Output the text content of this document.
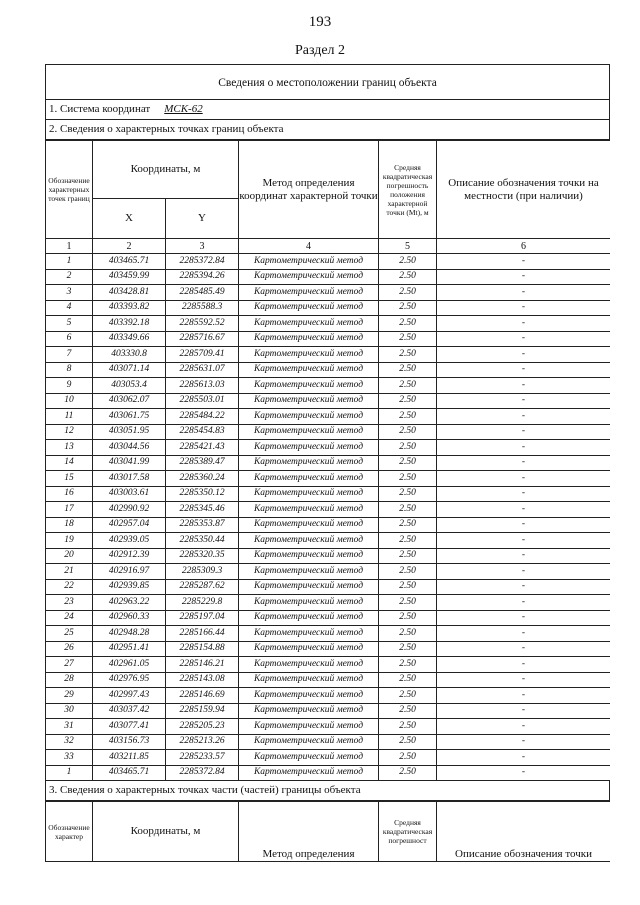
193
Раздел 2
Сведения о местоположении границ объекта
1. Система координат МСК-62
2. Сведения о характерных точках границ объекта
Обозначение характерных точек границ	Координаты, м		Метод определения координат характерной точки	Средняя квадратическая погрешность положения характерной точки (Мt), м	Описание обозначения точки на местности (при наличии)
	X	Y			
1	2	3	4	5	6
1	403465.71	2285372.84	Картометрический метод	2.50	-
2	403459.99	2285394.26	Картометрический метод	2.50	-
3	403428.81	2285485.49	Картометрический метод	2.50	-
4	403393.82	2285588.3	Картометрический метод	2.50	-
5	403392.18	2285592.52	Картометрический метод	2.50	-
6	403349.66	2285716.67	Картометрический метод	2.50	-
7	403330.8	2285709.41	Картометрический метод	2.50	-
8	403071.14	2285631.07	Картометрический метод	2.50	-
9	403053.4	2285613.03	Картометрический метод	2.50	-
10	403062.07	2285503.01	Картометрический метод	2.50	-
11	403061.75	2285484.22	Картометрический метод	2.50	-
12	403051.95	2285454.83	Картометрический метод	2.50	-
13	403044.56	2285421.43	Картометрический метод	2.50	-
14	403041.99	2285389.47	Картометрический метод	2.50	-
15	403017.58	2285360.24	Картометрический метод	2.50	-
16	403003.61	2285350.12	Картометрический метод	2.50	-
17	402990.92	2285345.46	Картометрический метод	2.50	-
18	402957.04	2285353.87	Картометрический метод	2.50	-
19	402939.05	2285350.44	Картометрический метод	2.50	-
20	402912.39	2285320.35	Картометрический метод	2.50	-
21	402916.97	2285309.3	Картометрический метод	2.50	-
22	402939.85	2285287.62	Картометрический метод	2.50	-
23	402963.22	2285229.8	Картометрический метод	2.50	-
24	402960.33	2285197.04	Картометрический метод	2.50	-
25	402948.28	2285166.44	Картометрический метод	2.50	-
26	402951.41	2285154.88	Картометрический метод	2.50	-
27	402961.05	2285146.21	Картометрический метод	2.50	-
28	402976.95	2285143.08	Картометрический метод	2.50	-
29	402997.43	2285146.69	Картометрический метод	2.50	-
30	403037.42	2285159.94	Картометрический метод	2.50	-
31	403077.41	2285205.23	Картометрический метод	2.50	-
32	403156.73	2285213.26	Картометрический метод	2.50	-
33	403211.85	2285233.57	Картометрический метод	2.50	-
1	403465.71	2285372.84	Картометрический метод	2.50	-
3. Сведения о характерных точках части (частей) границы объекта
Обозначение характер	Координаты, м	Метод определения	Средняя квадратическая погрешност	Описание обозначения точки
